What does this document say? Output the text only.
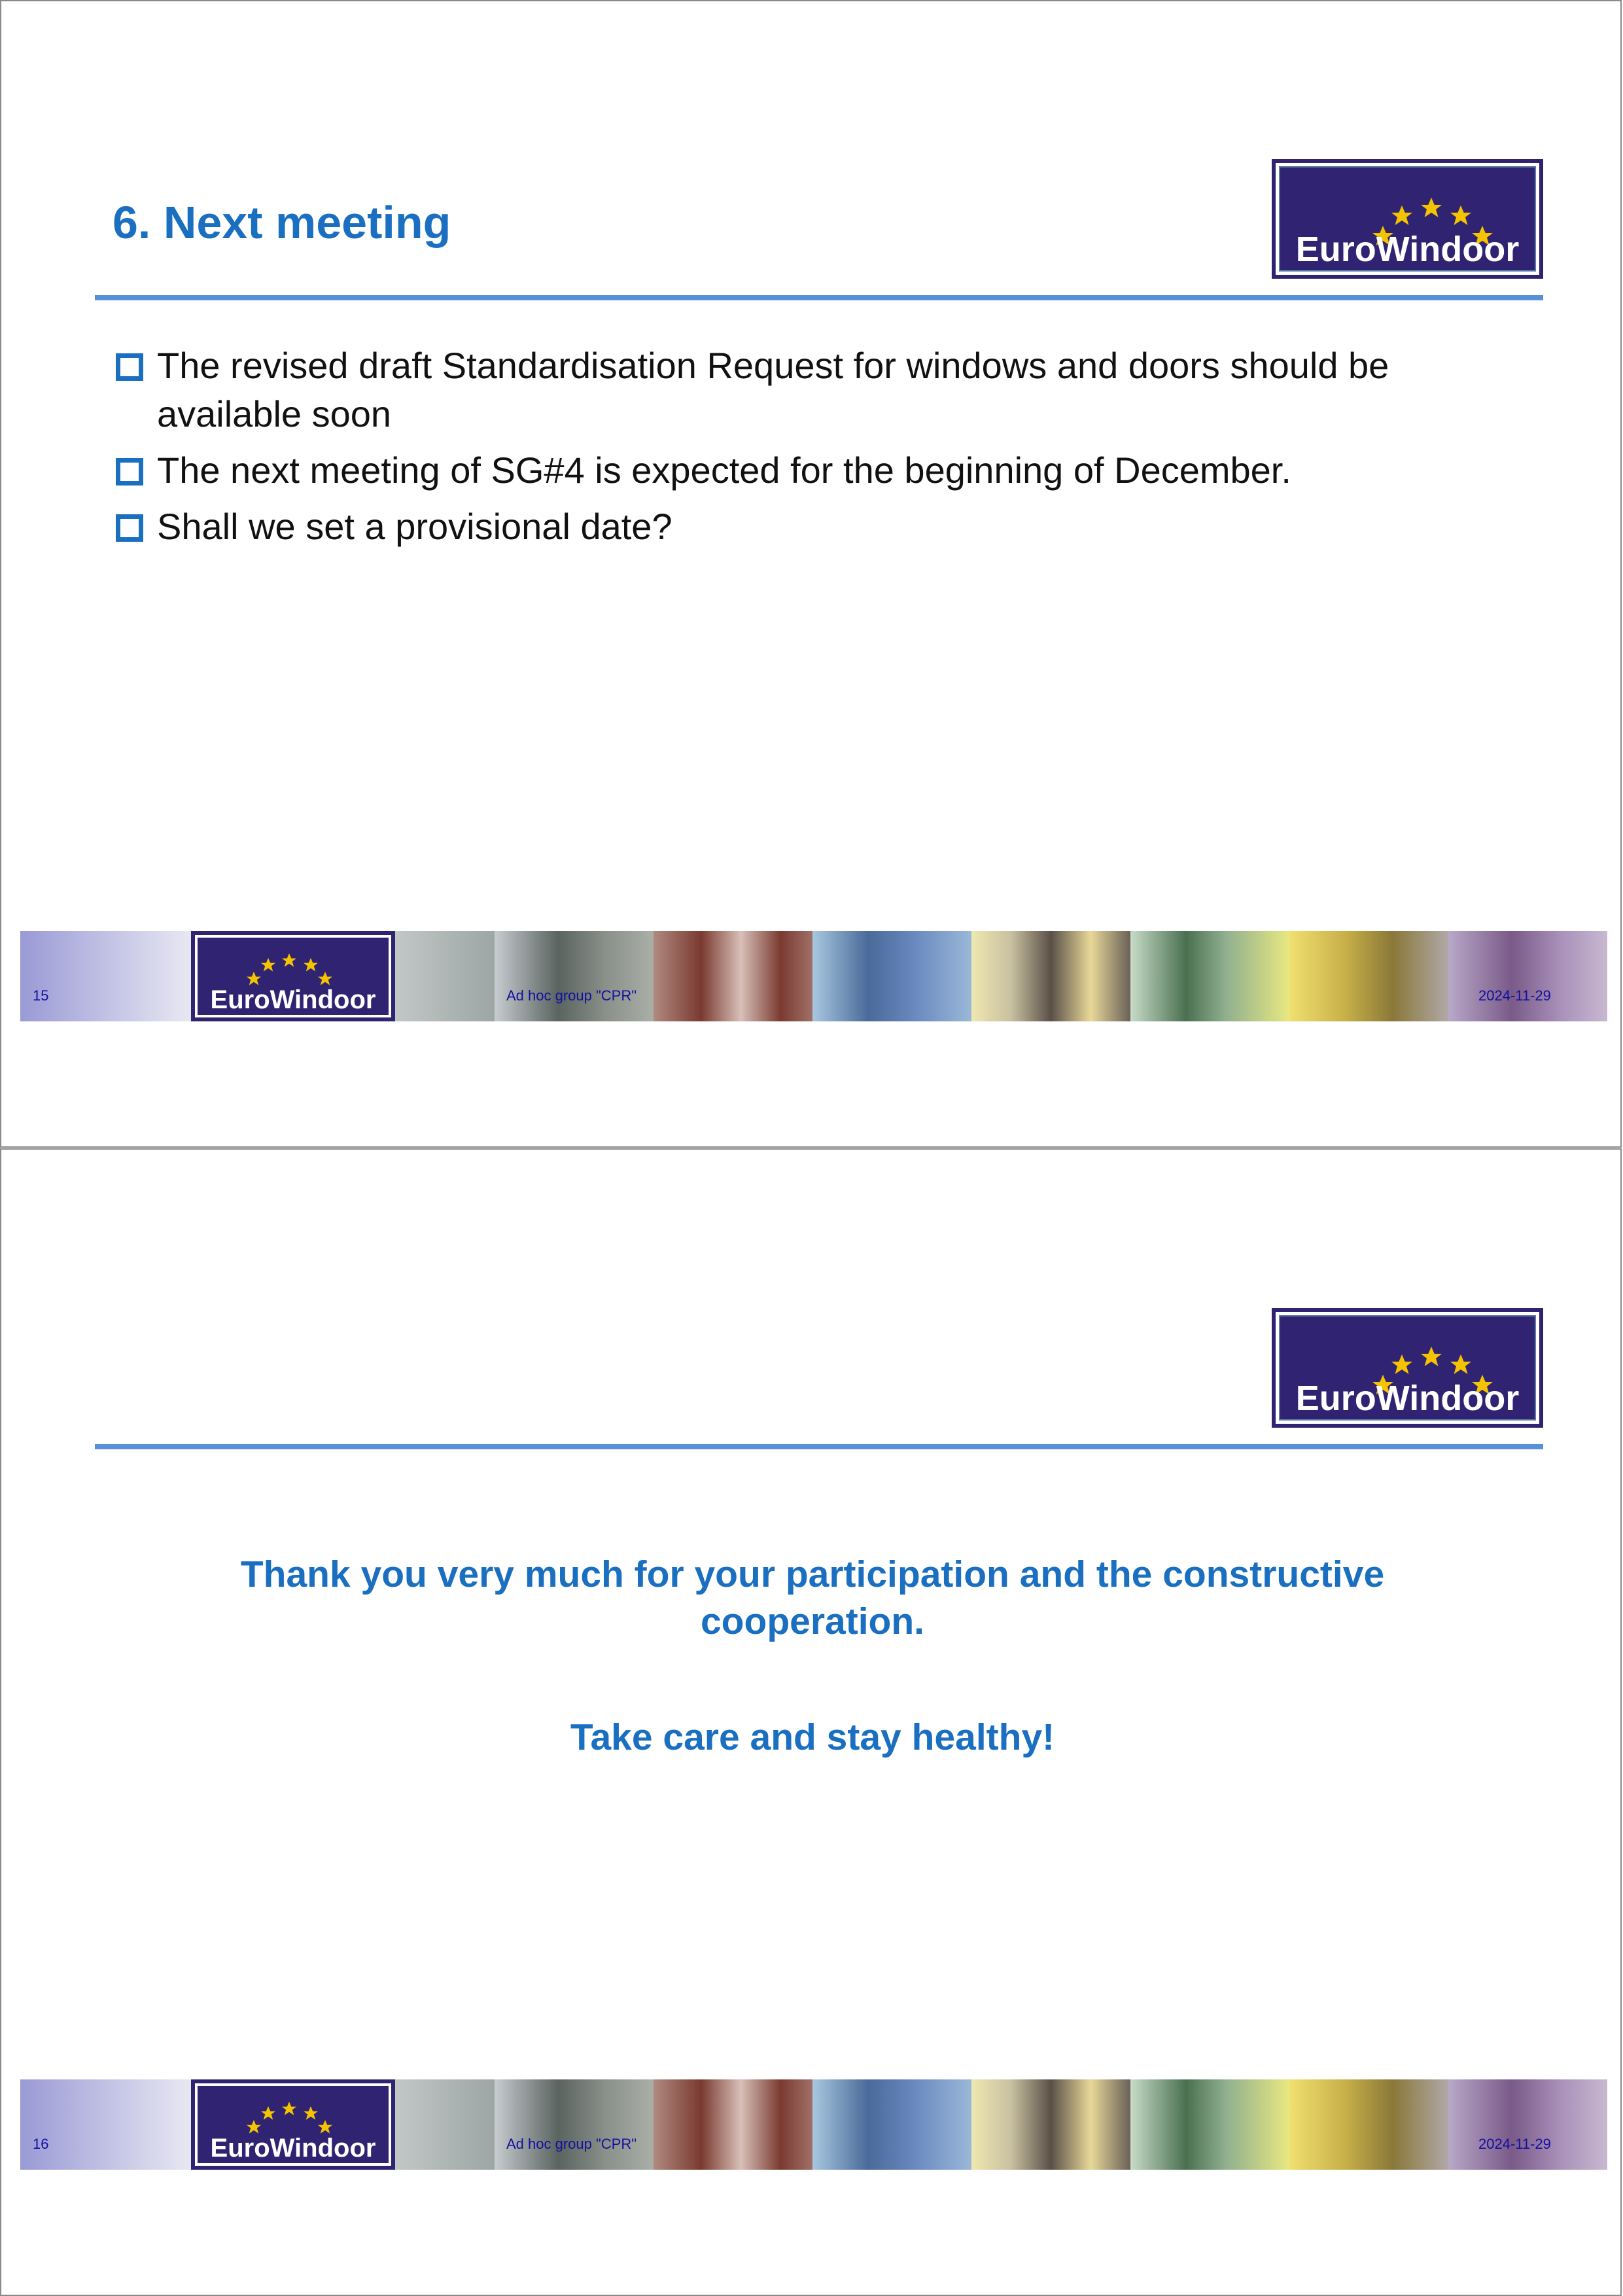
6. Next meeting
EuroWindoor
The revised draft Standardisation Request for windows and doors should be available soon
The next meeting of SG#4 is expected for the beginning of December.
Shall we set a provisional date?
EuroWindoor
15	Ad hoc group "CPR"	2024-11-29
EuroWindoor
Thank you very much for your participation and the constructive cooperation.
Take care and stay healthy!
EuroWindoor
16	Ad hoc group "CPR"	2024-11-29
